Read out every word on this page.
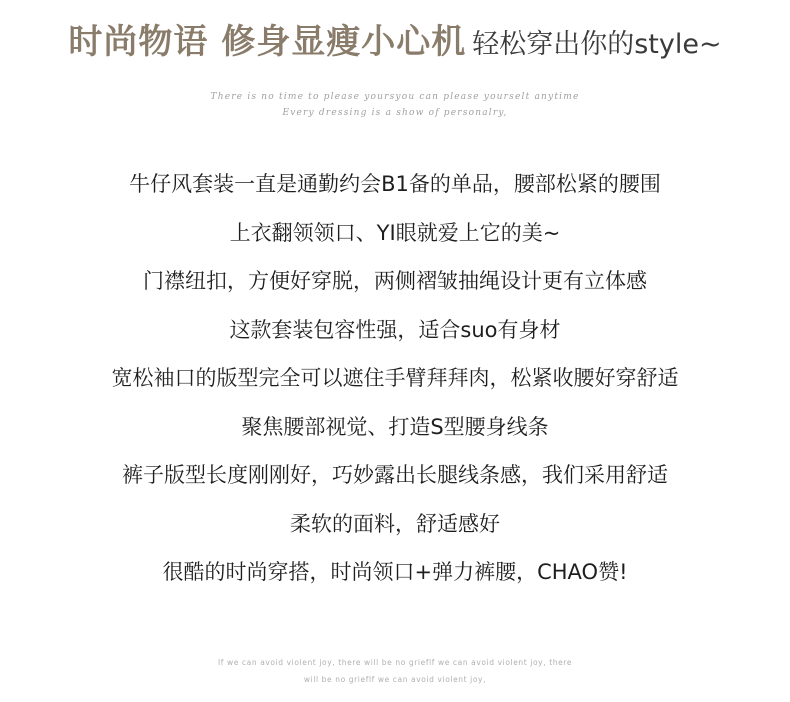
时尚物语 修身显瘦小心机 轻松穿出你的style~
There is no time to please yoursyou can please yourselt anytime
Every dressing is a show of personalry,
牛仔风套装一直是通勤约会B1备的单品，腰部松紧的腰围
上衣翻领领口、YI眼就爱上它的美~
门襟纽扣，方便好穿脱，两侧褶皱抽绳设计更有立体感
这款套装包容性强，适合suo有身材
宽松袖口的版型完全可以遮住手臂拜拜肉，松紧收腰好穿舒适
聚焦腰部视觉、打造S型腰身线条
裤子版型长度刚刚好，巧妙露出长腿线条感，我们采用舒适
柔软的面料，舒适感好
很酷的时尚穿搭，时尚领口+弹力裤腰，CHAO赞!
If we can avoid violent joy, there will be no grieflf we can avoid violent joy, there
will be no grieflf we can avoid violent joy,
